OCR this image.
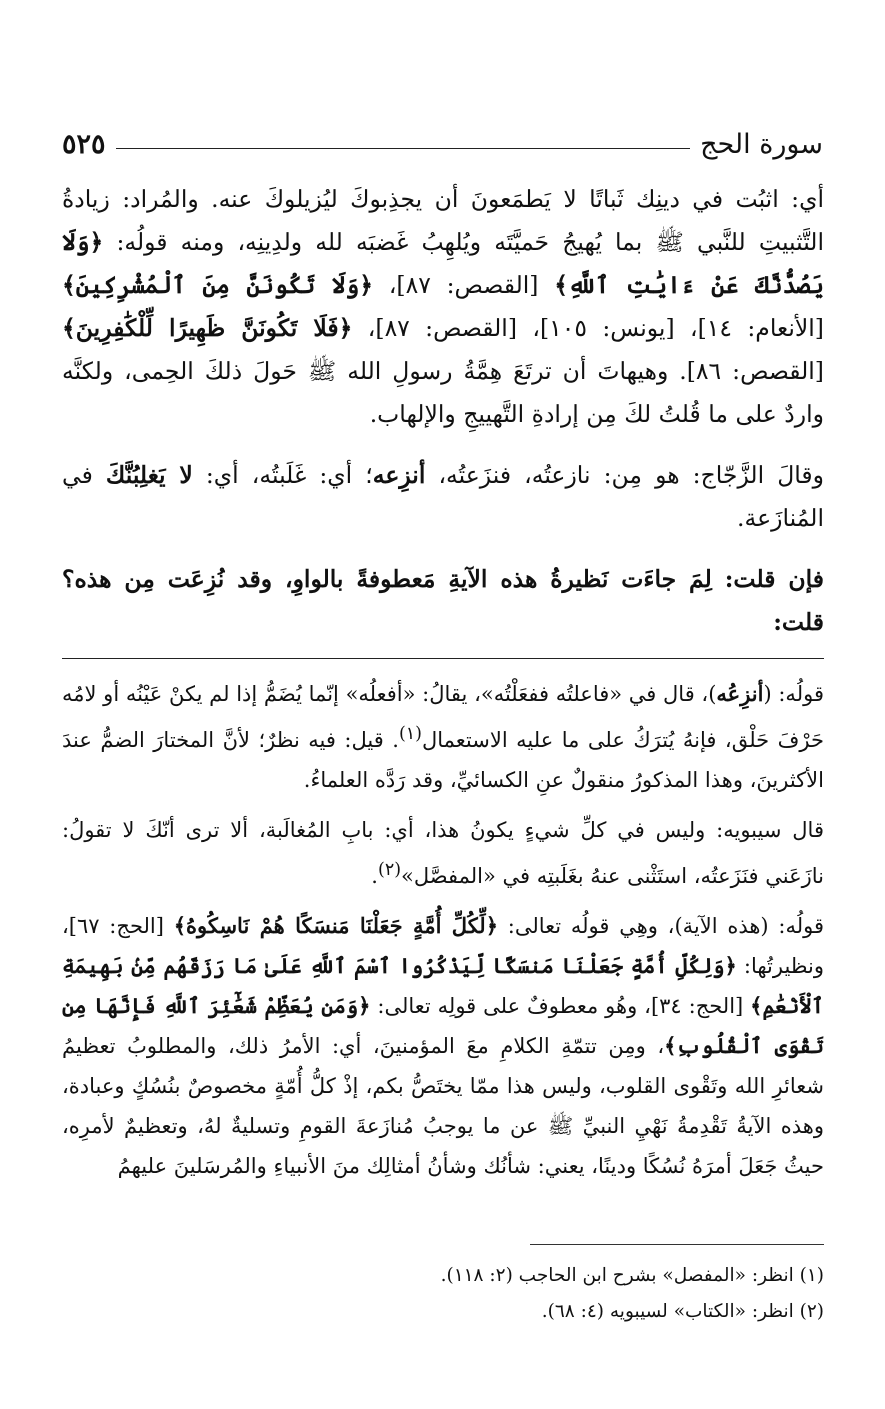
سورة الحج
٥٢٥

أي: اثبُت في دينِك ثَباتًا لا يَطمَعونَ أن يجذِبوكَ ليُزيلوكَ عنه. والمُراد: زيادةُ التَّثبيتِ للنَّبي ﷺ بما يُهيجُ حَميَّتَه ويُلهِبُ غَضبَه لله ولدِينِه، ومنه قولُه: ﴿وَلَا يَصُدُّنَّكَ عَنْ ءَايَٰتِ ٱللَّهِ﴾ [القصص: ٨٧]، ﴿وَلَا تَكُونَنَّ مِنَ ٱلْمُشْرِكِينَ﴾ [الأنعام: ١٤]، [يونس: ١٠٥]، [القصص: ٨٧]، ﴿فَلَا تَكُونَنَّ ظَهِيرًا لِّلْكَٰفِرِينَ﴾ [القصص: ٨٦]. وهيهاتَ أن ترتَعَ هِمَّةُ رسولِ الله ﷺ حَولَ ذلكَ الحِمى، ولكنَّه واردٌ على ما قُلتُ لكَ مِن إرادةِ التَّهييجِ والإلهاب.

وقالَ الزَّجّاج: هو مِن: نازعتُه، فنزَعتُه، أنزِعه؛ أي: غَلَبتُه، أي: لا يَغلِبُنَّكَ في المُنازَعة.

فإن قلت: لِمَ جاءَت نَظيرةُ هذه الآيةِ مَعطوفةً بالواوِ، وقد نُزِعَت مِن هذه؟ قلت:

قولُه: (أنزِعُه)، قال في «فاعلتُه ففعَلْتُه»، يقالُ: «أفعلُه» إنّما يُضَمُّ إذا لم يكنْ عَيْنُه أو لامُه حَرْفَ حَلْق، فإنهُ يُترَكُ على ما عليه الاستعمال$^{(١)}$. قيل: فيه نظرٌ؛ لأنَّ المختارَ الضمُّ عندَ الأكثرينَ، وهذا المذكورُ منقولٌ عنِ الكسائيِّ، وقد رَدَّه العلماءُ.

قال سيبويه: وليس في كلِّ شيءٍ يكونُ هذا، أي: بابِ المُغالَبة، ألا ترى أنّكَ لا تقولُ: نازَعَني فنَزَعتُه، استَثْنى عنهُ بغَلَبتِه في «المفصَّل»$^{(٢)}$.

قولُه: (هذه الآية)، وهِي قولُه تعالى: ﴿لِّكُلِّ أُمَّةٍ جَعَلْنَا مَنسَكًا هُمْ نَاسِكُوهُ﴾ [الحج: ٦٧]، ونظيرتُها: ﴿وَلِكُلِّ أُمَّةٍ جَعَلْنَا مَنسَكًا لِّيَذْكُرُوا ٱسْمَ ٱللَّهِ عَلَىٰ مَا رَزَقَهُم مِّنۢ بَهِيمَةِ ٱلْأَنْعَٰمِ﴾ [الحج: ٣٤]، وهُو معطوفٌ على قولِه تعالى: ﴿وَمَن يُعَظِّمْ شَعَٰٓئِرَ ٱللَّهِ فَإِنَّهَا مِن تَقْوَى ٱلْقُلُوبِ﴾، ومِن تتمّةِ الكلامِ معَ المؤمنينَ، أي: الأمرُ ذلك، والمطلوبُ تعظيمُ شعائرِ الله وتَقْوى القلوب، وليس هذا ممّا يختَصُّ بكم، إذْ كلُّ أُمّةٍ مخصوصٌ بنُسُكٍ وعبادة، وهذه الآيةُ تَقْدِمةُ نَهْيِ النبيِّ ﷺ عن ما يوجبُ مُنازَعةَ القومِ وتسليةٌ لهُ، وتعظيمٌ لأمرِه، حيثُ جَعَلَ أمرَهُ نُسُكًا ودينًا، يعني: شأنُك وشأنُ أمثالِك منَ الأنبياءِ والمُرسَلينَ عليهمُ

(١) انظر: «المفصل» بشرح ابن الحاجب (٢: ١١٨).

(٢) انظر: «الكتاب» لسيبويه (٤: ٦٨).
